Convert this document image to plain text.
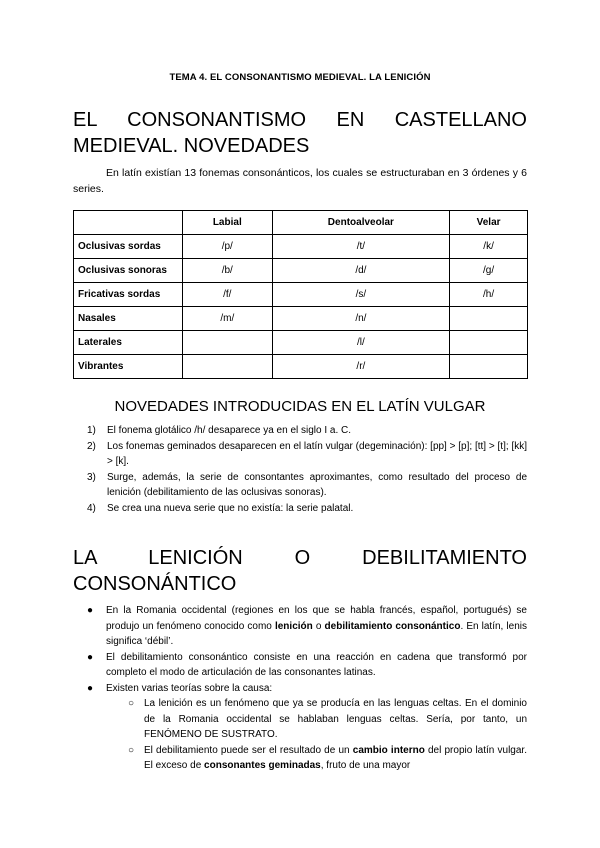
TEMA 4. EL CONSONANTISMO MEDIEVAL. LA LENICIÓN
EL CONSONANTISMO EN CASTELLANO MEDIEVAL. NOVEDADES

En latín existían 13 fonemas consonánticos, los cuales se estructuraban en 3 órdenes y 6 series.

	Labial	Dentoalveolar	Velar
Oclusivas sordas	/p/	/t/	/k/
Oclusivas sonoras	/b/	/d/	/g/
Fricativas sordas	/f/	/s/	/h/
Nasales	/m/	/n/	
Laterales		/l/	
Vibrantes		/r/	
NOVEDADES INTRODUCIDAS EN EL LATÍN VULGAR
1) El fonema glotálico /h/ desaparece ya en el siglo I a. C.
2) Los fonemas geminados desaparecen en el latín vulgar (degeminación): [pp] > [p]; [tt] > [t]; [kk] > [k].
3) Surge, además, la serie de consontantes aproximantes, como resultado del proceso de lenición (debilitamiento de las oclusivas sonoras).
4) Se crea una nueva serie que no existía: la serie palatal.
LA LENICIÓN O DEBILITAMIENTO CONSONÁNTICO
● En la Romania occidental (regiones en los que se habla francés, español, portugués) se produjo un fenómeno conocido como lenición o debilitamiento consonántico. En latín, lenis significa ‘débil’.
● El debilitamiento consonántico consiste en una reacción en cadena que transformó por completo el modo de articulación de las consonantes latinas.
● Existen varias teorías sobre la causa:
○ La lenición es un fenómeno que ya se producía en las lenguas celtas. En el dominio de la Romania occidental se hablaban lenguas celtas. Sería, por tanto, un FENÓMENO DE SUSTRATO.
○ El debilitamiento puede ser el resultado de un cambio interno del propio latín vulgar. El exceso de consonantes geminadas, fruto de una mayor
